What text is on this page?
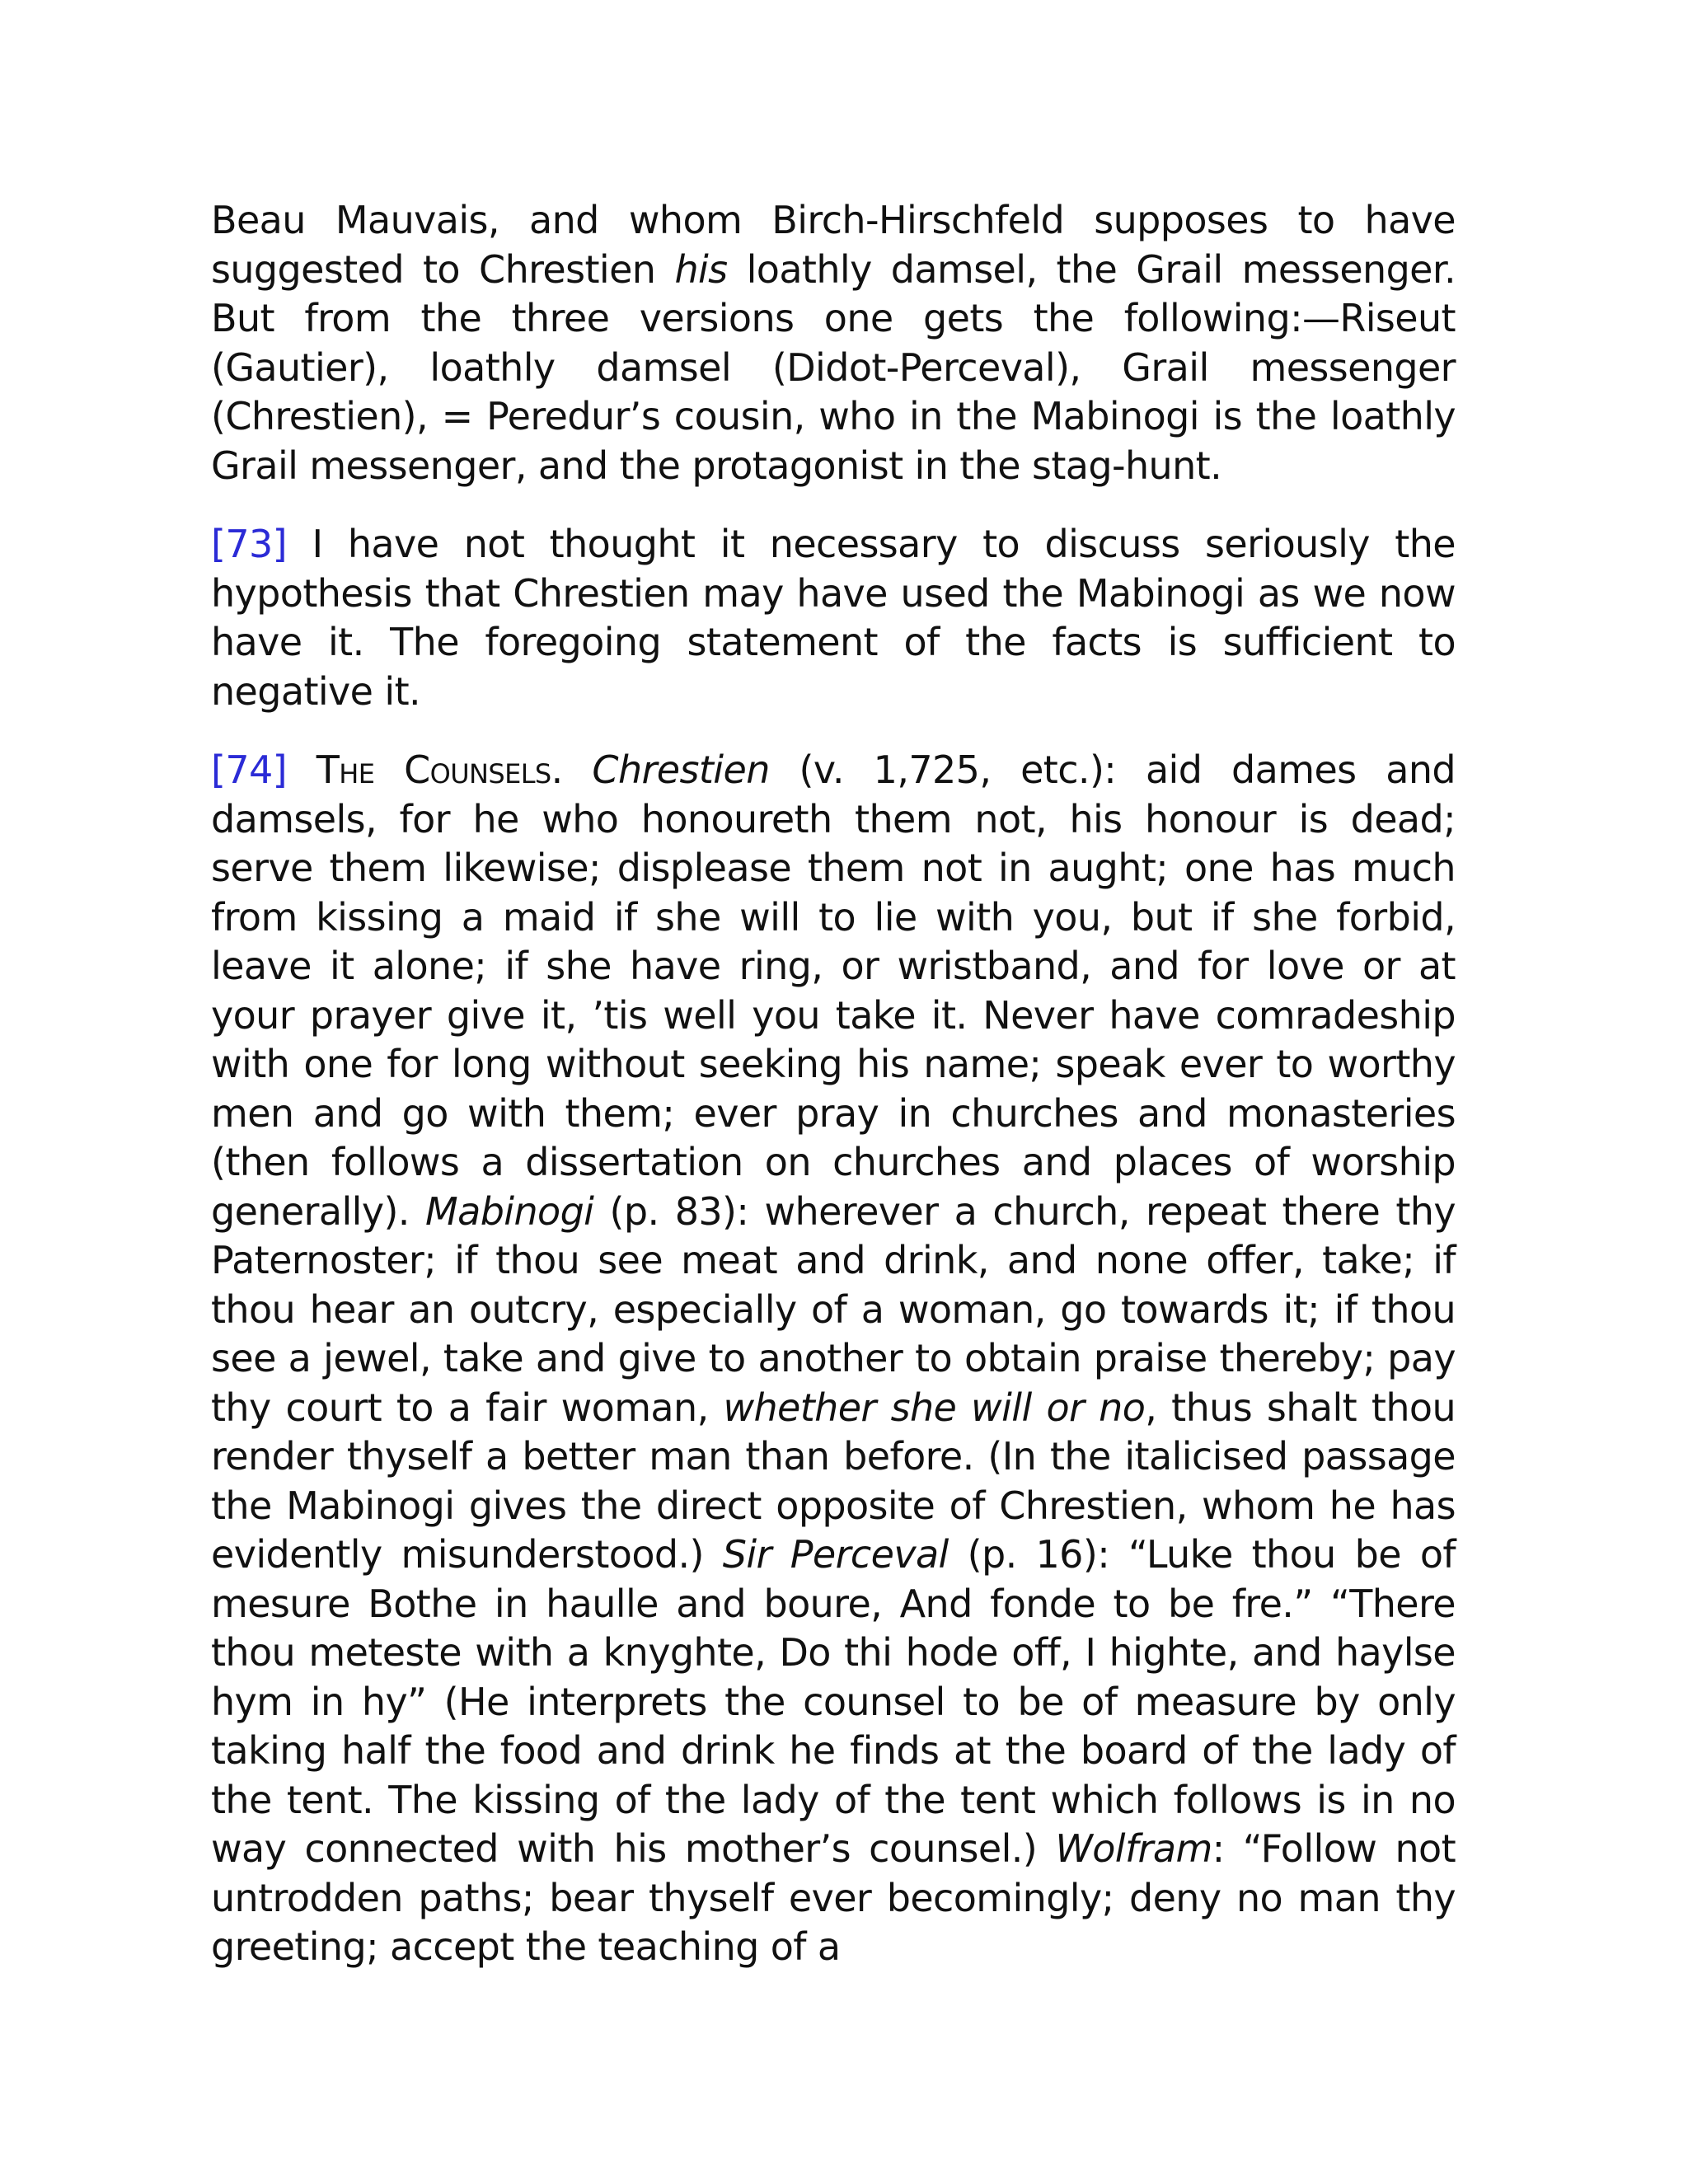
Beau Mauvais, and whom Birch-Hirschfeld supposes to have suggested to Chrestien his loathly damsel, the Grail messenger. But from the three versions one gets the following:—Riseut (Gautier), loathly damsel (Didot-Perceval), Grail messenger (Chrestien), = Peredur’s cousin, who in the Mabinogi is the loathly Grail messenger, and the protagonist in the stag-hunt.

[73] I have not thought it necessary to discuss seriously the hypothesis that Chrestien may have used the Mabinogi as we now have it. The foregoing statement of the facts is sufficient to negative it.

[74] The Counsels. Chrestien (v. 1,725, etc.): aid dames and damsels, for he who honoureth them not, his honour is dead; serve them likewise; displease them not in aught; one has much from kissing a maid if she will to lie with you, but if she forbid, leave it alone; if she have ring, or wristband, and for love or at your prayer give it, ’tis well you take it. Never have comradeship with one for long without seeking his name; speak ever to worthy men and go with them; ever pray in churches and monasteries (then follows a dissertation on churches and places of worship generally). Mabinogi (p. 83): wherever a church, repeat there thy Paternoster; if thou see meat and drink, and none offer, take; if thou hear an outcry, especially of a woman, go towards it; if thou see a jewel, take and give to another to obtain praise thereby; pay thy court to a fair woman, whether she will or no, thus shalt thou render thyself a better man than before. (In the italicised passage the Mabinogi gives the direct opposite of Chrestien, whom he has evidently misunderstood.) Sir Perceval (p. 16): “Luke thou be of mesure Bothe in haulle and boure, And fonde to be fre.” “There thou meteste with a knyghte, Do thi hode off, I highte, and haylse hym in hy” (He interprets the counsel to be of measure by only taking half the food and drink he finds at the board of the lady of the tent. The kissing of the lady of the tent which follows is in no way connected with his mother’s counsel.) Wolfram: “Follow not untrodden paths; bear thyself ever becomingly; deny no man thy greeting; accept the teaching of a
